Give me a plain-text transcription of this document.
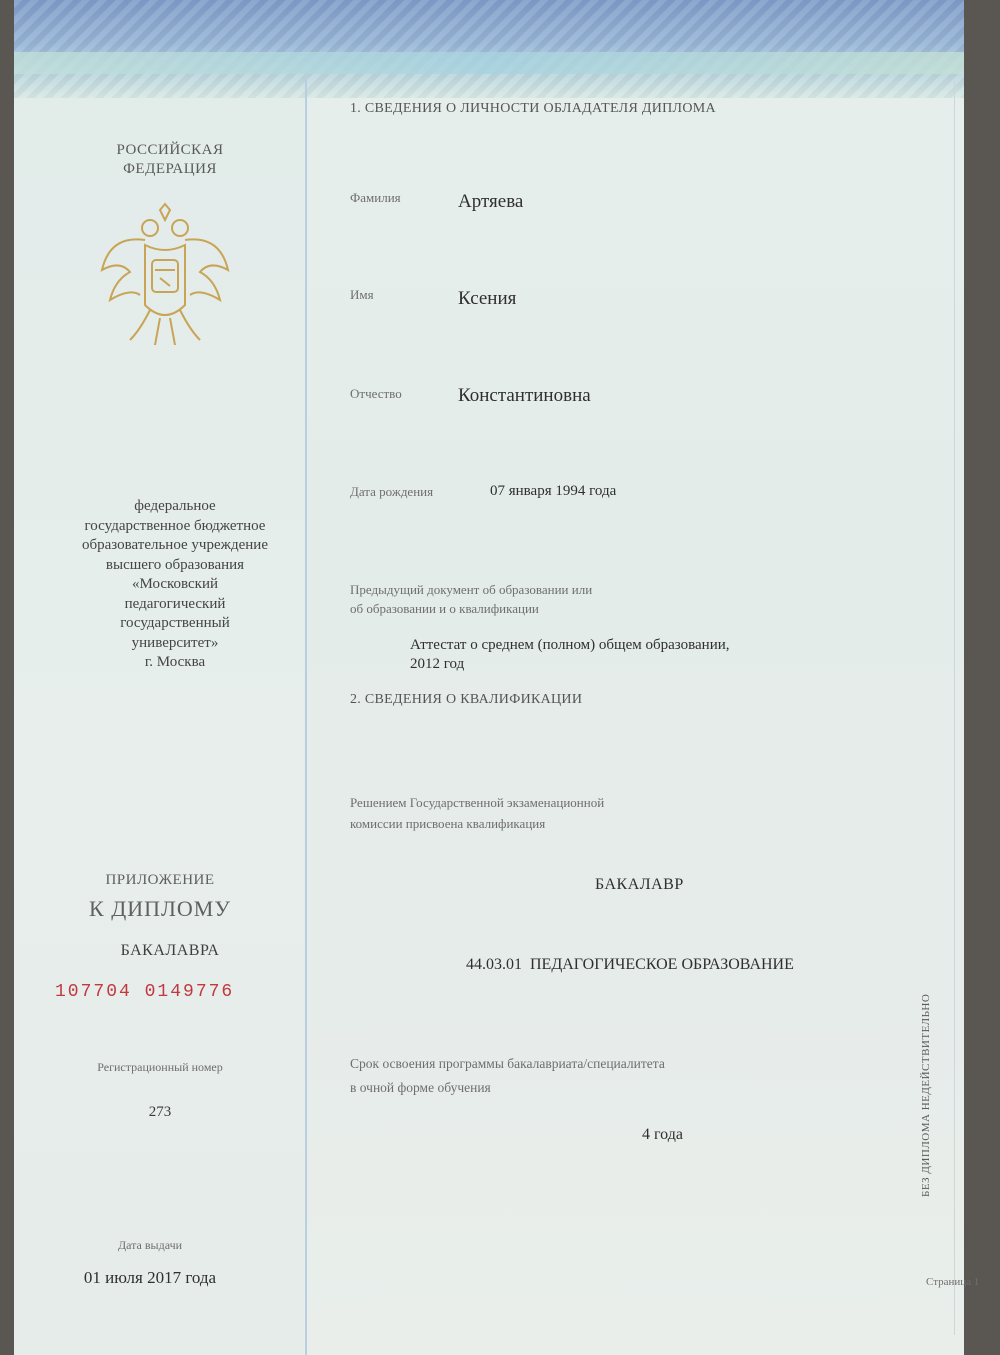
РОССИЙСКАЯ
ФЕДЕРАЦИЯ
федеральное
государственное бюджетное
образовательное учреждение
высшего образования
«Московский
педагогический
государственный
университет»
г. Москва
ПРИЛОЖЕНИЕ
К ДИПЛОМУ
БАКАЛАВРА
107704 0149776
Регистрационный номер
273
Дата выдачи
01 июля 2017 года
1. СВЕДЕНИЯ О ЛИЧНОСТИ ОБЛАДАТЕЛЯ ДИПЛОМА
Фамилия	Артяева
Имя	Ксения
Отчество	Константиновна
Дата рождения	07 января 1994 года
Предыдущий документ об образовании или
об образовании и о квалификации
Аттестат о среднем (полном) общем образовании,
2012 год
2. СВЕДЕНИЯ О КВАЛИФИКАЦИИ
Решением Государственной экзаменационной
комиссии присвоена квалификация
БАКАЛАВР
44.03.01  ПЕДАГОГИЧЕСКОЕ ОБРАЗОВАНИЕ
Срок освоения программы бакалавриата/специалитета
в очной форме обучения
4 года
Страница 1
БЕЗ ДИПЛОМА НЕДЕЙСТВИТЕЛЬНО
